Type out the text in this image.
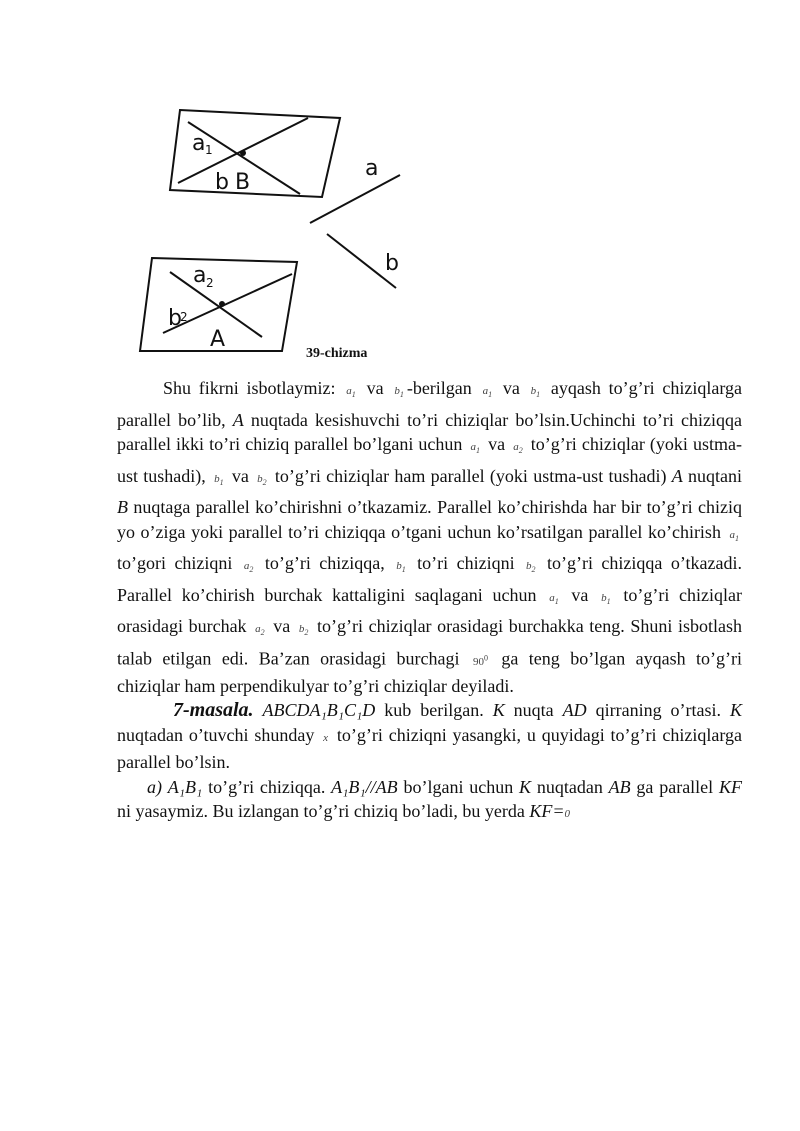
a 1
b B
a
b
a 2
b
2
A
39-chizma

Shu fikrni isbotlaymiz: $a_1$ va $b_1$ -berilgan $a_1$ va $b_1$ ayqash to’g’ri chiziqlarga parallel bo’lib, A nuqtada kesishuvchi to’ri chiziqlar bo’lsin.Uchinchi to’ri chiziqqa parallel ikki to’ri chiziq parallel bo’lgani uchun $a_1$ va $a_2$ to’g’ri chiziqlar (yoki ustma-ust tushadi), $b_1$ va $b_2$ to’g’ri chiziqlar ham parallel (yoki ustma-ust tushadi) A nuqtani B nuqtaga parallel ko’chirishni o’tkazamiz. Parallel ko’chirishda har bir to’g’ri chiziq yo o’ziga yoki parallel to’ri chiziqqa o’tgani uchun ko’rsatilgan parallel ko’chirish $a_1$ to’gori chiziqni $a_2$ to’g’ri chiziqqa, $b_1$ to’ri chiziqni $b_2$ to’g’ri chiziqqa o’tkazadi. Parallel ko’chirish burchak kattaligini saqlagani uchun $a_1$ va $b_1$ to’g’ri chiziqlar orasidagi burchak $a_2$ va $b_2$ to’g’ri chiziqlar orasidagi burchakka teng. Shuni isbotlash talab etilgan edi. Ba’zan orasidagi burchagi $90^0$ ga teng bo’lgan ayqash to’g’ri chiziqlar ham perpendikulyar to’g’ri chiziqlar deyiladi.

7-masala. ABCDA₁B₁C₁D kub berilgan. K nuqta AD qirraning o’rtasi. K nuqtadan o’tuvchi shunday x to’g’ri chiziqni yasangki, u quyidagi to’g’ri chiziqlarga parallel bo’lsin.

a) A₁B₁ to’g’ri chiziqqa. A₁B₁//AB bo’lgani uchun K nuqtadan AB ga parallel KF ni yasaymiz. Bu izlangan to’g’ri chiziq bo’ladi, bu yerda KF=0
